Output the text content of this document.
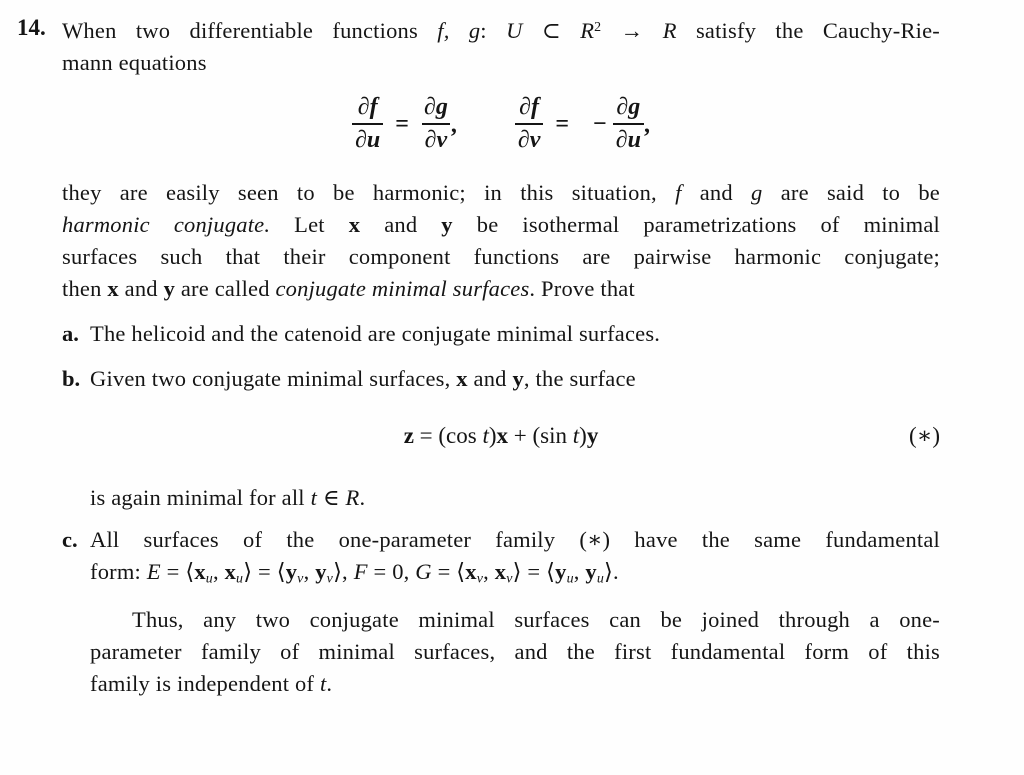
14. When two differentiable functions f, g: U ⊂ $R^2 \to R$ satisfy the Cauchy-Rie-
mann equations
$\frac{\partial f}{\partial u} = \frac{\partial g}{\partial v}$ , $\frac{\partial f}{\partial v}$ = − $\frac{\partial g}{\partial u}$ ,
they are easily seen to be harmonic; in this situation, f and g are said to be
harmonic conjugate. Let x and y be isothermal parametrizations of minimal
surfaces such that their component functions are pairwise harmonic conjugate;
then x and y are called conjugate minimal surfaces. Prove that
a. The helicoid and the catenoid are conjugate minimal surfaces.
b. Given two conjugate minimal surfaces, x and y, the surface
z = (cos t)x + (sin t)y	(∗)
is again minimal for all t ∈ R.
c. All surfaces of the one-parameter family (∗) have the same fundamental
form: E = ⟨xu, xu⟩ = ⟨yv, yv⟩, F = 0, G = ⟨xv, xv⟩ = ⟨yu, yu⟩.
Thus, any two conjugate minimal surfaces can be joined through a one-
parameter family of minimal surfaces, and the first fundamental form of this
family is independent of t.
